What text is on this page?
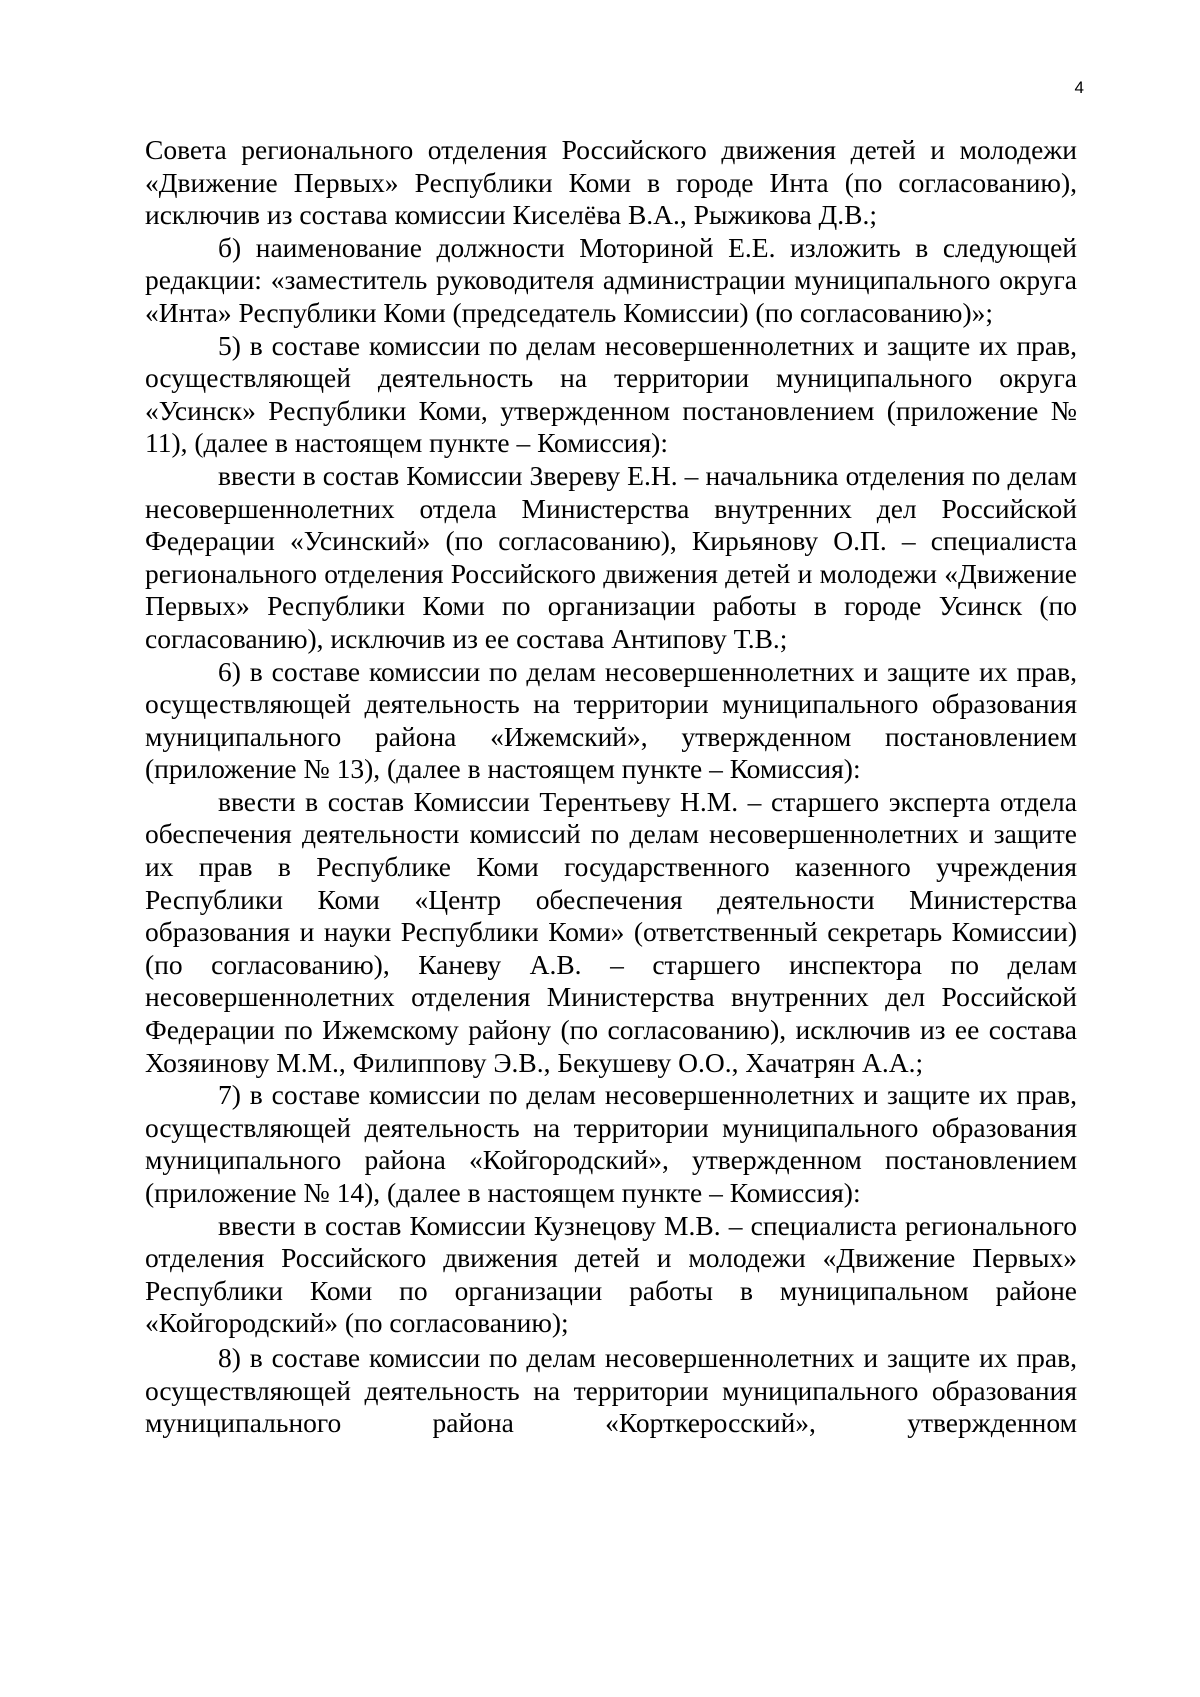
4

Совета регионального отделения Российского движения детей и молодежи «Движение Первых» Республики Коми в городе Инта (по согласованию), исключив из состава комиссии Киселёва В.А., Рыжикова Д.В.;

б) наименование должности Моториной Е.Е. изложить в следующей редакции: «заместитель руководителя администрации муниципального округа «Инта» Республики Коми (председатель Комиссии) (по согласованию)»;

5) в составе комиссии по делам несовершеннолетних и защите их прав, осуществляющей деятельность на территории муниципального округа «Усинск» Республики Коми, утвержденном постановлением (приложение № 11), (далее в настоящем пункте – Комиссия):

ввести в состав Комиссии Звереву Е.Н. – начальника отделения по делам несовершеннолетних отдела Министерства внутренних дел Российской Федерации «Усинский» (по согласованию), Кирьянову О.П. – специалиста регионального отделения Российского движения детей и молодежи «Движение Первых» Республики Коми по организации работы в городе Усинск (по согласованию), исключив из ее состава Антипову Т.В.;

6) в составе комиссии по делам несовершеннолетних и защите их прав, осуществляющей деятельность на территории муниципального образования муниципального района «Ижемский», утвержденном постановлением (приложение № 13), (далее в настоящем пункте – Комиссия):

ввести в состав Комиссии Терентьеву Н.М. – старшего эксперта отдела обеспечения деятельности комиссий по делам несовершеннолетних и защите их прав в Республике Коми государственного казенного учреждения Республики Коми «Центр обеспечения деятельности Министерства образования и науки Республики Коми» (ответственный секретарь Комиссии) (по согласованию), Каневу А.В. – старшего инспектора по делам несовершеннолетних отделения Министерства внутренних дел Российской Федерации по Ижемскому району (по согласованию), исключив из ее состава Хозяинову М.М., Филиппову Э.В., Бекушеву О.О., Хачатрян А.А.;

7) в составе комиссии по делам несовершеннолетних и защите их прав, осуществляющей деятельность на территории муниципального образования муниципального района «Койгородский», утвержденном постановлением (приложение № 14), (далее в настоящем пункте – Комиссия):

ввести в состав Комиссии Кузнецову М.В. – специалиста регионального отделения Российского движения детей и молодежи «Движение Первых» Республики Коми по организации работы в муниципальном районе «Койгородский» (по согласованию);

8) в составе комиссии по делам несовершеннолетних и защите их прав, осуществляющей деятельность на территории муниципального образования муниципального района «Корткеросский», утвержденном
